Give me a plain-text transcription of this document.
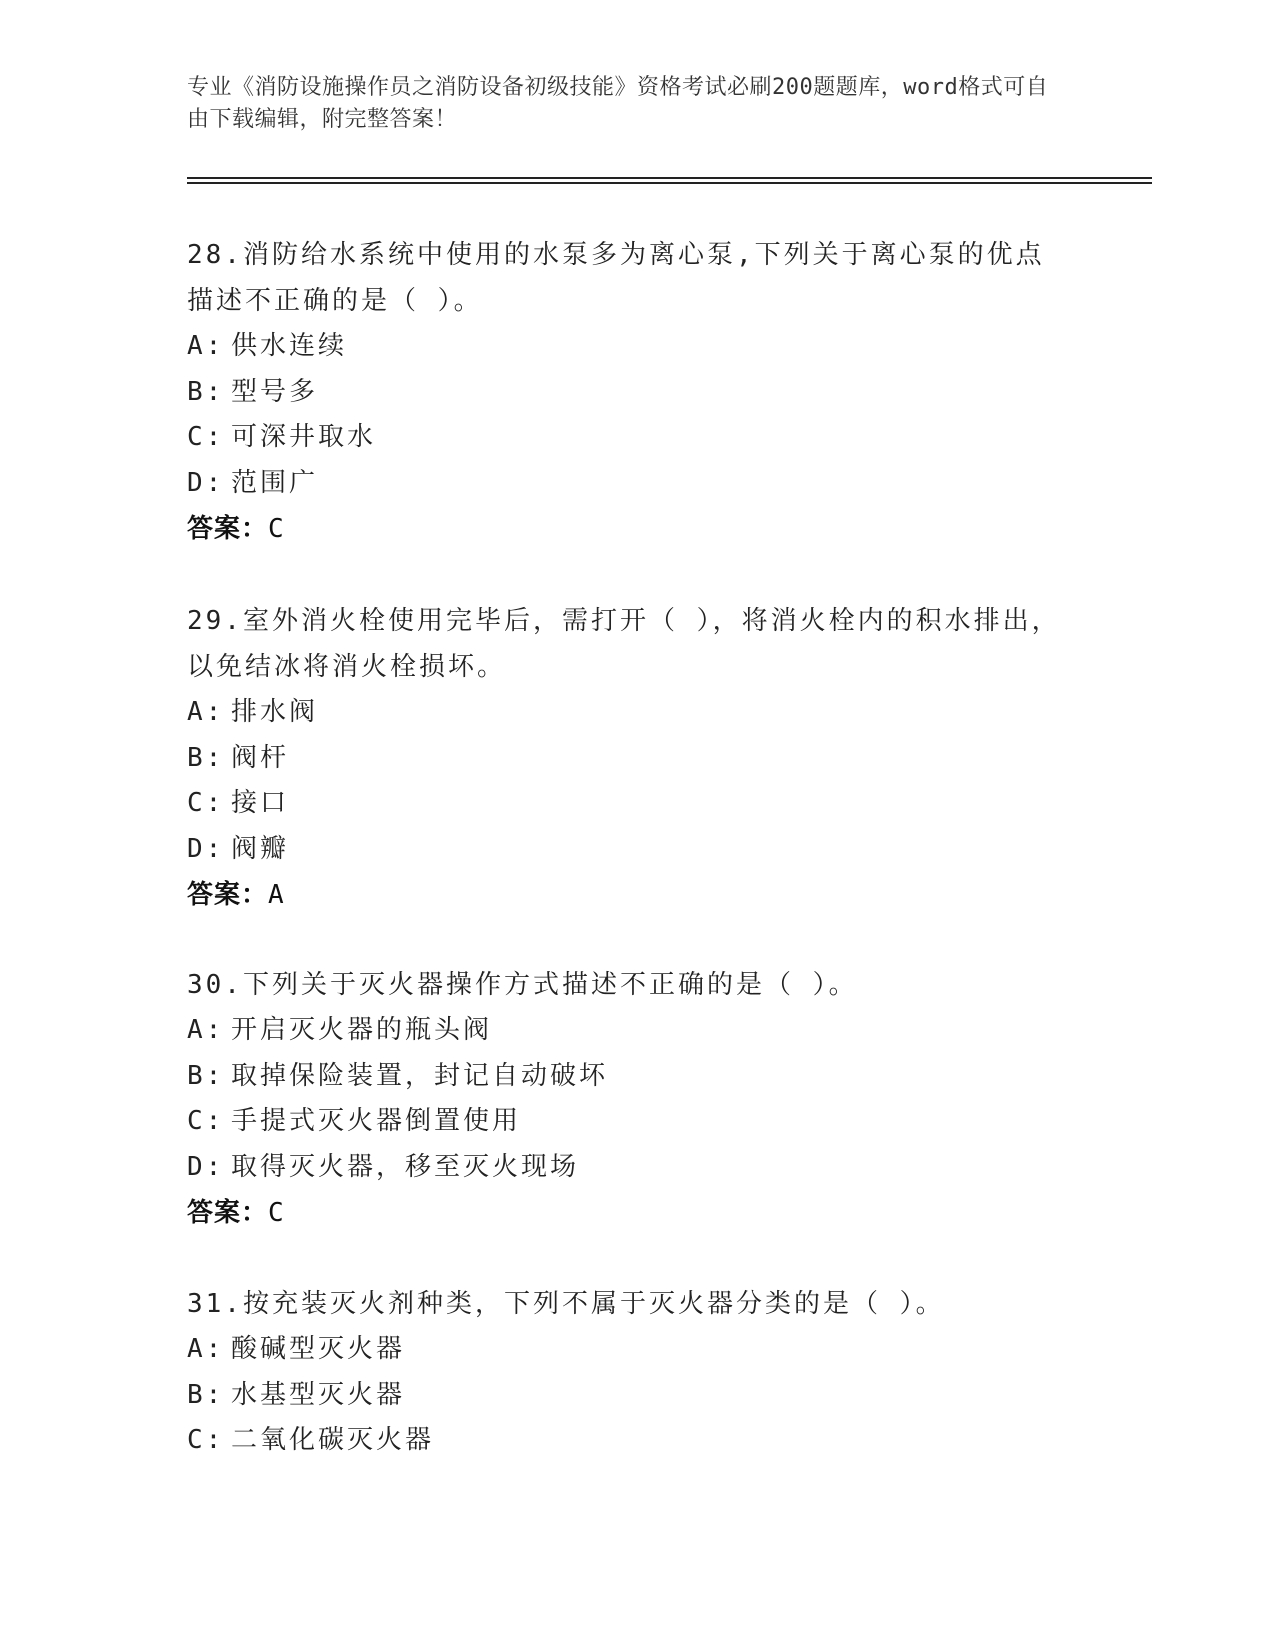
专业《消防设施操作员之消防设备初级技能》资格考试必刷200题题库，word格式可自由下载编辑，附完整答案！
28.消防给水系统中使用的水泵多为离心泵,下列关于离心泵的优点描述不正确的是（ ）。
A: 供水连续
B: 型号多
C: 可深井取水
D: 范围广
答案：C
29.室外消火栓使用完毕后，需打开（ ），将消火栓内的积水排出，以免结冰将消火栓损坏。
A: 排水阀
B: 阀杆
C: 接口
D: 阀瓣
答案：A
30.下列关于灭火器操作方式描述不正确的是（ ）。
A: 开启灭火器的瓶头阀
B: 取掉保险装置，封记自动破坏
C: 手提式灭火器倒置使用
D: 取得灭火器，移至灭火现场
答案：C
31.按充装灭火剂种类，下列不属于灭火器分类的是（ ）。
A: 酸碱型灭火器
B: 水基型灭火器
C: 二氧化碳灭火器
